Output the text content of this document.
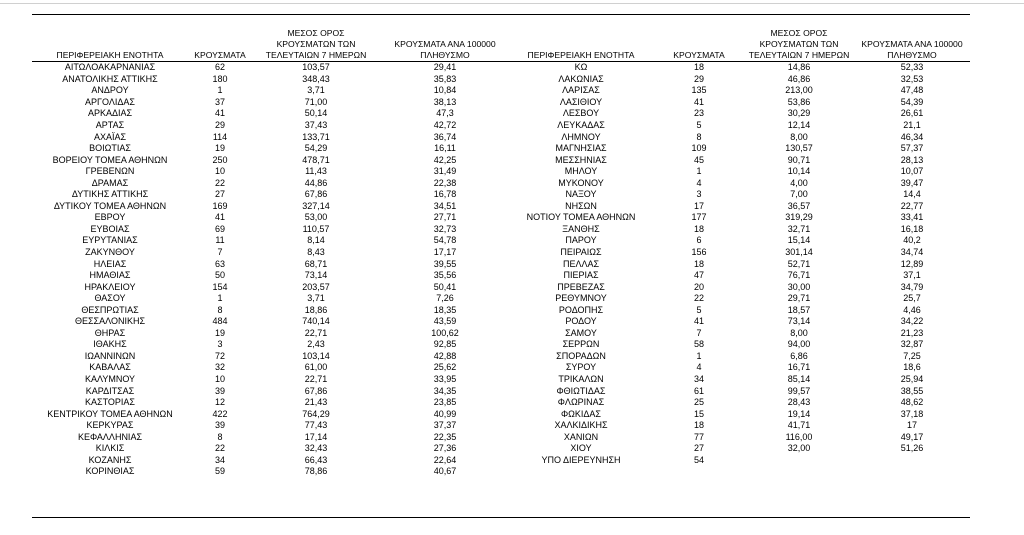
ΠΕΡΙΦΕΡΕΙΑΚΗ ΕΝΟΤΗΤΑ	ΚΡΟΥΣΜΑΤΑ	ΜΕΣΟΣ ΟΡΟΣ
ΚΡΟΥΣΜΑΤΩΝ ΤΩΝ
ΤΕΛΕΥΤΑΙΩΝ 7 ΗΜΕΡΩΝ	ΚΡΟΥΣΜΑΤΑ ΑΝΑ 100000
ΠΛΗΘΥΣΜΟ

ΑΙΤΩΛΟΑΚΑΡΝΑΝΙΑΣ	62	103,57	29,41
ΑΝΑΤΟΛΙΚΗΣ ΑΤΤΙΚΗΣ	180	348,43	35,83
ΑΝΔΡΟΥ	1	3,71	10,84
ΑΡΓΟΛΙΔΑΣ	37	71,00	38,13
ΑΡΚΑΔΙΑΣ	41	50,14	47,3
ΑΡΤΑΣ	29	37,43	42,72
ΑΧΑΪΑΣ	114	133,71	36,74
ΒΟΙΩΤΙΑΣ	19	54,29	16,11
ΒΟΡΕΙΟΥ ΤΟΜΕΑ ΑΘΗΝΩΝ	250	478,71	42,25
ΓΡΕΒΕΝΩΝ	10	11,43	31,49
ΔΡΑΜΑΣ	22	44,86	22,38
ΔΥΤΙΚΗΣ ΑΤΤΙΚΗΣ	27	67,86	16,78
ΔΥΤΙΚΟΥ ΤΟΜΕΑ ΑΘΗΝΩΝ	169	327,14	34,51
ΕΒΡΟΥ	41	53,00	27,71
ΕΥΒΟΙΑΣ	69	110,57	32,73
ΕΥΡΥΤΑΝΙΑΣ	11	8,14	54,78
ΖΑΚΥΝΘΟΥ	7	8,43	17,17
ΗΛΕΙΑΣ	63	68,71	39,55
ΗΜΑΘΙΑΣ	50	73,14	35,56
ΗΡΑΚΛΕΙΟΥ	154	203,57	50,41
ΘΑΣΟΥ	1	3,71	7,26
ΘΕΣΠΡΩΤΙΑΣ	8	18,86	18,35
ΘΕΣΣΑΛΟΝΙΚΗΣ	484	740,14	43,59
ΘΗΡΑΣ	19	22,71	100,62
ΙΘΑΚΗΣ	3	2,43	92,85
ΙΩΑΝΝΙΝΩΝ	72	103,14	42,88
ΚΑΒΑΛΑΣ	32	61,00	25,62
ΚΑΛΥΜΝΟΥ	10	22,71	33,95
ΚΑΡΔΙΤΣΑΣ	39	67,86	34,35
ΚΑΣΤΟΡΙΑΣ	12	21,43	23,85
ΚΕΝΤΡΙΚΟΥ ΤΟΜΕΑ ΑΘΗΝΩΝ	422	764,29	40,99
ΚΕΡΚΥΡΑΣ	39	77,43	37,37
ΚΕΦΑΛΛΗΝΙΑΣ	8	17,14	22,35
ΚΙΛΚΙΣ	22	32,43	27,36
ΚΟΖΑΝΗΣ	34	66,43	22,64
ΚΟΡΙΝΘΙΑΣ	59	78,86	40,67
ΠΕΡΙΦΕΡΕΙΑΚΗ ΕΝΟΤΗΤΑ	ΚΡΟΥΣΜΑΤΑ	ΜΕΣΟΣ ΟΡΟΣ
ΚΡΟΥΣΜΑΤΩΝ ΤΩΝ
ΤΕΛΕΥΤΑΙΩΝ 7 ΗΜΕΡΩΝ	ΚΡΟΥΣΜΑΤΑ ΑΝΑ 100000
ΠΛΗΘΥΣΜΟ

ΚΩ	18	14,86	52,33
ΛΑΚΩΝΙΑΣ	29	46,86	32,53
ΛΑΡΙΣΑΣ	135	213,00	47,48
ΛΑΣΙΘΙΟΥ	41	53,86	54,39
ΛΕΣΒΟΥ	23	30,29	26,61
ΛΕΥΚΑΔΑΣ	5	12,14	21,1
ΛΗΜΝΟΥ	8	8,00	46,34
ΜΑΓΝΗΣΙΑΣ	109	130,57	57,37
ΜΕΣΣΗΝΙΑΣ	45	90,71	28,13
ΜΗΛΟΥ	1	10,14	10,07
ΜΥΚΟΝΟΥ	4	4,00	39,47
ΝΑΞΟΥ	3	7,00	14,4
ΝΗΣΩΝ	17	36,57	22,77
ΝΟΤΙΟΥ ΤΟΜΕΑ ΑΘΗΝΩΝ	177	319,29	33,41
ΞΑΝΘΗΣ	18	32,71	16,18
ΠΑΡΟΥ	6	15,14	40,2
ΠΕΙΡΑΙΩΣ	156	301,14	34,74
ΠΕΛΛΑΣ	18	52,71	12,89
ΠΙΕΡΙΑΣ	47	76,71	37,1
ΠΡΕΒΕΖΑΣ	20	30,00	34,79
ΡΕΘΥΜΝΟΥ	22	29,71	25,7
ΡΟΔΟΠΗΣ	5	18,57	4,46
ΡΟΔΟΥ	41	73,14	34,22
ΣΑΜΟΥ	7	8,00	21,23
ΣΕΡΡΩΝ	58	94,00	32,87
ΣΠΟΡΑΔΩΝ	1	6,86	7,25
ΣΥΡΟΥ	4	16,71	18,6
ΤΡΙΚΑΛΩΝ	34	85,14	25,94
ΦΘΙΩΤΙΔΑΣ	61	99,57	38,55
ΦΛΩΡΙΝΑΣ	25	28,43	48,62
ΦΩΚΙΔΑΣ	15	19,14	37,18
ΧΑΛΚΙΔΙΚΗΣ	18	41,71	17
ΧΑΝΙΩΝ	77	116,00	49,17
ΧΙΟΥ	27	32,00	51,26
ΥΠΟ ΔΙΕΡΕΥΝΗΣΗ	54		
